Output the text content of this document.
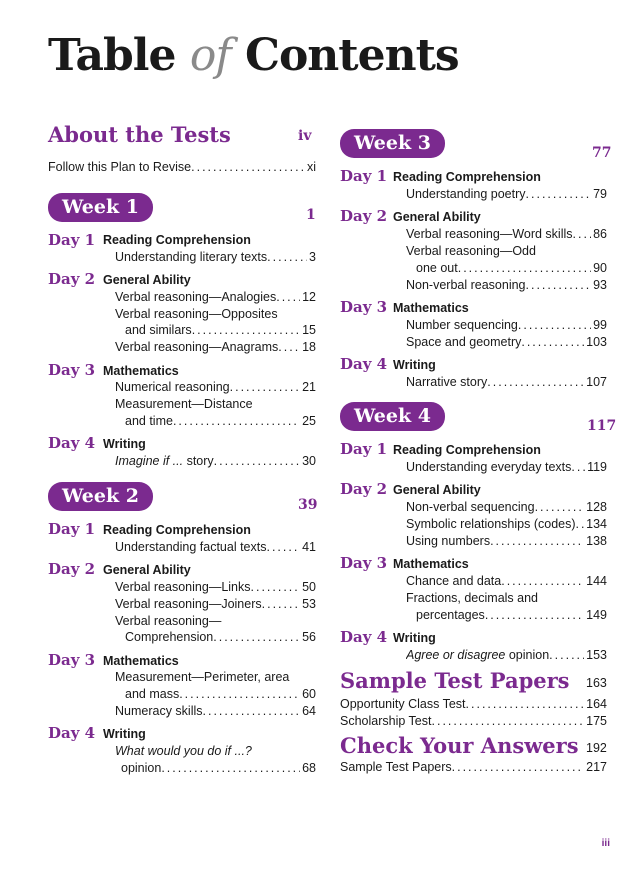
Table of Contents
About the Tests	iv
Follow this Plan to Revise .....	xi
Week 1	1
Day 1 Reading Comprehension
Understanding literary texts .....	3
Day 2 General Ability
Verbal reasoning—Analogies ..... 12
Verbal reasoning—Opposites
and similars .....	15
Verbal reasoning—Anagrams ..... 18
Day 3 Mathematics
Numerical reasoning .....	21
Measurement—Distance
and time .....	25
Day 4 Writing
Imagine if ... story .....	30
Week 2	39
Day 1 Reading Comprehension
Understanding factual texts .....	41
Day 2 General Ability
Verbal reasoning—Links .....	50
Verbal reasoning—Joiners .....	53
Verbal reasoning—
Comprehension .....	56
Day 3 Mathematics
Measurement—Perimeter, area
and mass .....	60
Numeracy skills .....	64
Day 4 Writing
What would you do if ...?
opinion .....	68
Week 3	77
Day 1 Reading Comprehension
Understanding poetry .....	79
Day 2 General Ability
Verbal reasoning—Word skills ..... 86
Verbal reasoning—Odd
one out .....	90
Non-verbal reasoning .....	93
Day 3 Mathematics
Number sequencing .....	99
Space and geometry .....	103
Day 4 Writing
Narrative story .....	107
Week 4	117
Day 1 Reading Comprehension
Understanding everyday texts ..... 119
Day 2 General Ability
Non-verbal sequencing .....	128
Symbolic relationships (codes) ..... 134
Using numbers .....	138
Day 3 Mathematics
Chance and data .....	144
Fractions, decimals and
percentages .....	149
Day 4 Writing
Agree or disagree opinion .....	153
Sample Test Papers 163
Opportunity Class Test .....	164
Scholarship Test .....	175
Check Your Answers 192
Sample Test Papers .....	217
iii
